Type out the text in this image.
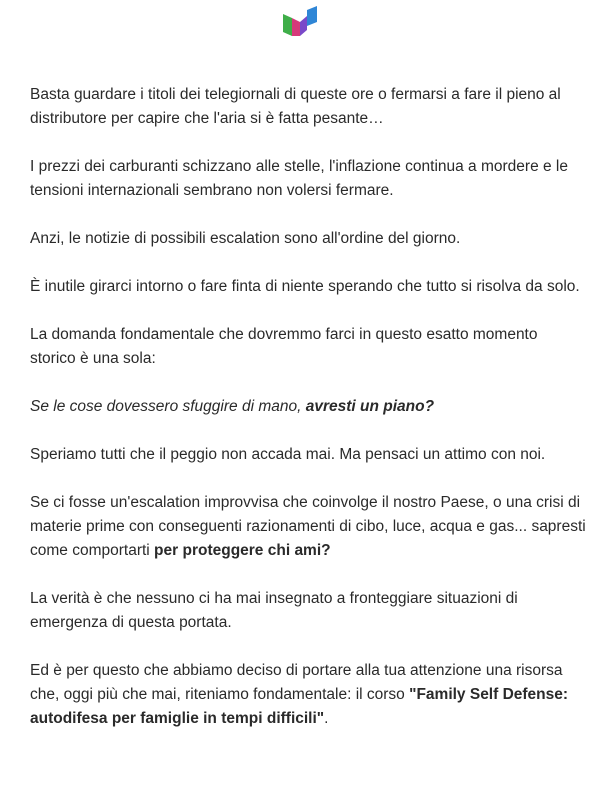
Basta guardare i titoli dei telegiornali di queste ore o fermarsi a fare il pieno al distributore per capire che l'aria si è fatta pesante…

I prezzi dei carburanti schizzano alle stelle, l'inflazione continua a mordere e le tensioni internazionali sembrano non volersi fermare.

Anzi, le notizie di possibili escalation sono all'ordine del giorno.

È inutile girarci intorno o fare finta di niente sperando che tutto si risolva da solo.

La domanda fondamentale che dovremmo farci in questo esatto momento storico è una sola:

Se le cose dovessero sfuggire di mano, avresti un piano?

Speriamo tutti che il peggio non accada mai. Ma pensaci un attimo con noi.

Se ci fosse un'escalation improvvisa che coinvolge il nostro Paese, o una crisi di materie prime con conseguenti razionamenti di cibo, luce, acqua e gas... sapresti come comportarti per proteggere chi ami?

La verità è che nessuno ci ha mai insegnato a fronteggiare situazioni di emergenza di questa portata.

Ed è per questo che abbiamo deciso di portare alla tua attenzione una risorsa che, oggi più che mai, riteniamo fondamentale: il corso "Family Self Defense: autodifesa per famiglie in tempi difficili".
